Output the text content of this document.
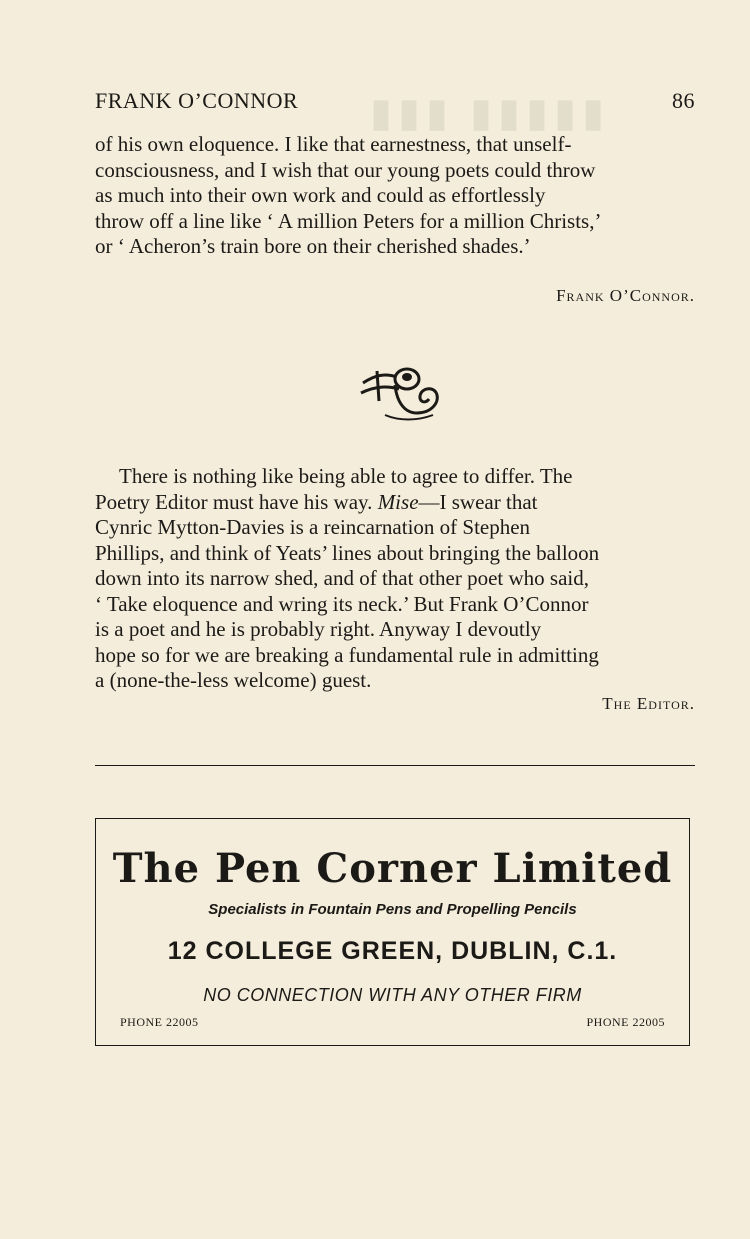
▮▮▮ ▮▮▮▮▮
FRANK O’CONNOR	86

of his own eloquence. I like that earnestness, that unself-

consciousness, and I wish that our young poets could throw

as much into their own work and could as effortlessly

throw off a line like ‘ A million Peters for a million Christs,’

or ‘ Acheron’s train bore on their cherished shades.’

Frank O’Connor.

There is nothing like being able to agree to differ. The

Poetry Editor must have his way. Mise—I swear that

Cynric Mytton-Davies is a reincarnation of Stephen

Phillips, and think of Yeats’ lines about bringing the balloon

down into its narrow shed, and of that other poet who said,

‘ Take eloquence and wring its neck.’ But Frank O’Connor

is a poet and he is probably right. Anyway I devoutly

hope so for we are breaking a fundamental rule in admitting

a (none-the-less welcome) guest.

The Editor.
The Pen Corner Limited
Specialists in Fountain Pens and Propelling Pencils
12 COLLEGE GREEN, DUBLIN, C.1.
NO CONNECTION WITH ANY OTHER FIRM
PHONE 22005	PHONE 22005
